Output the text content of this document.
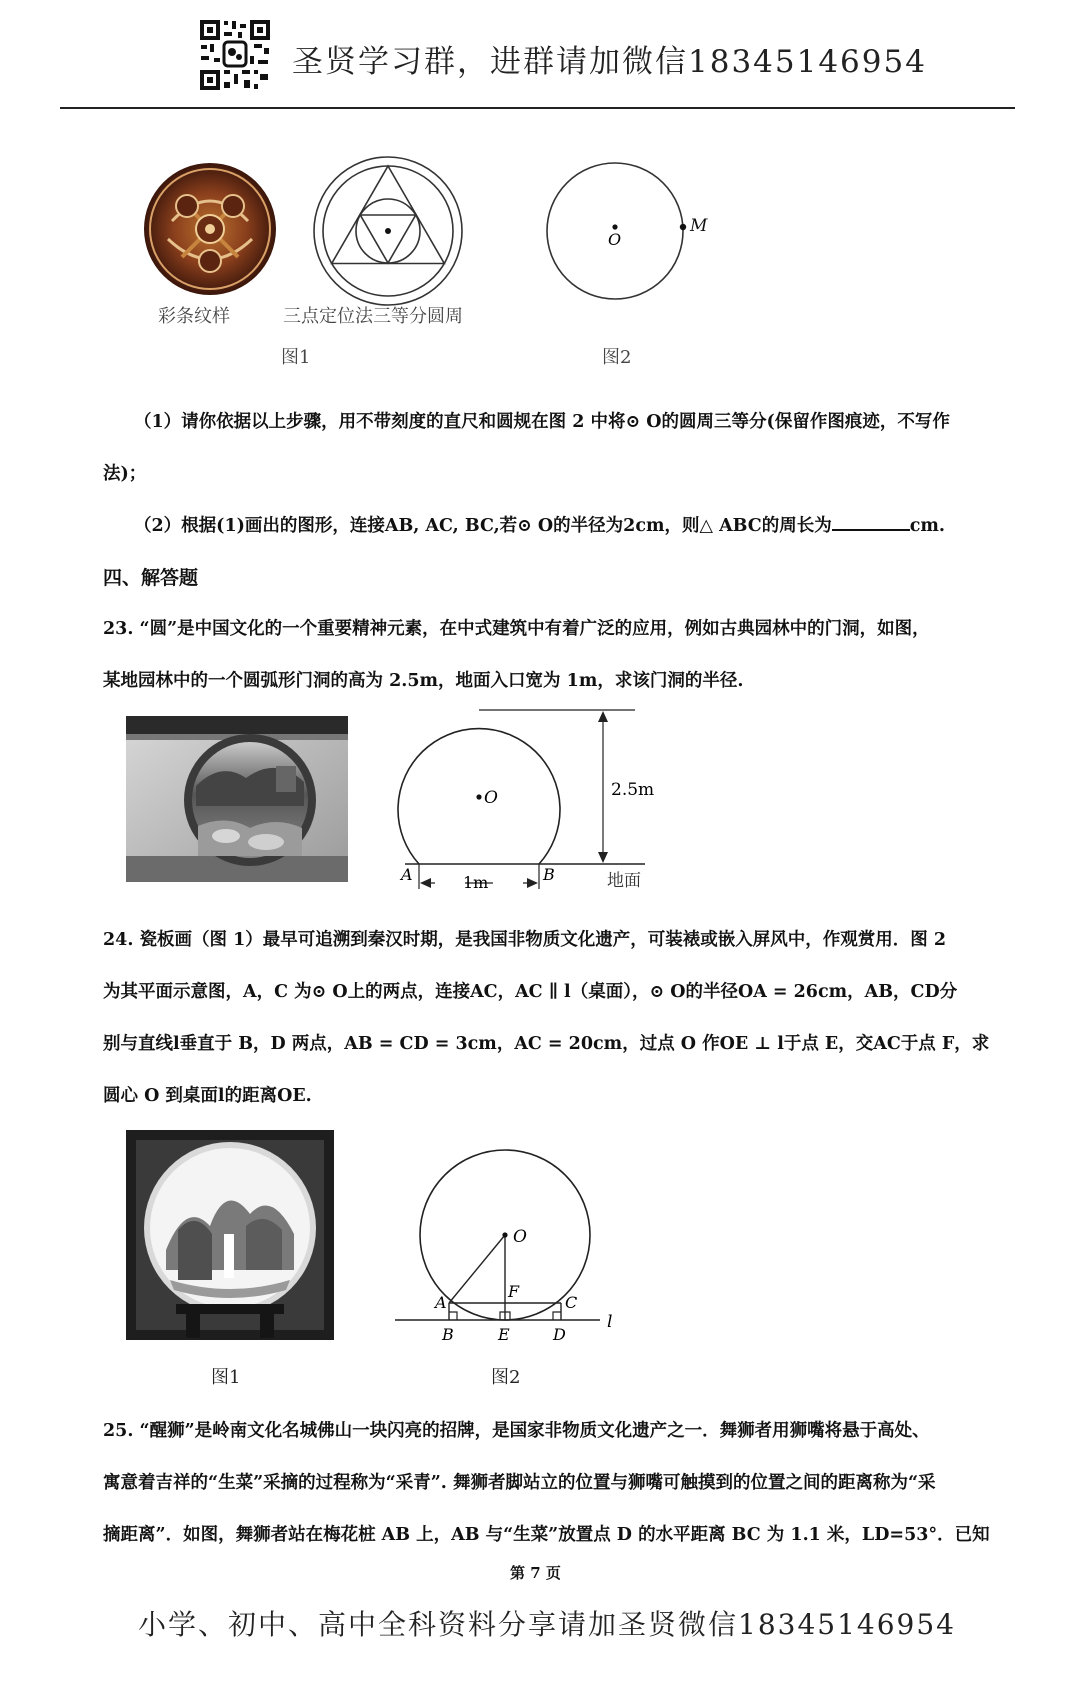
圣贤学习群，进群请加微信18345146954
彩条纹样	三点定位法三等分圆周
图1
O
M
图2
（1）请你依据以上步骤，用不带刻度的直尺和圆规在图 2 中将⊙ O的圆周三等分(保留作图痕迹，不写作
法)；
（2）根据(1)画出的图形，连接AB, AC, BC,若⊙ O的半径为2cm，则△ ABC的周长为	cm.
四、解答题
23. “圆”是中国文化的一个重要精神元素，在中式建筑中有着广泛的应用，例如古典园林中的门洞，如图，
某地园林中的一个圆弧形门洞的高为 2.5m，地面入口宽为 1m，求该门洞的半径.
O	2.5m
1m
A	B	地面
24. 瓷板画（图 1）最早可追溯到秦汉时期，是我国非物质文化遗产，可装裱或嵌入屏风中，作观赏用．图 2
为其平面示意图，A，C 为⊙ O上的两点，连接AC，AC ∥ l（桌面），⊙ O的半径OA = 26cm，AB，CD分
别与直线l垂直于 B，D 两点，AB = CD = 3cm，AC = 20cm，过点 O 作OE ⊥ l于点 E，交AC于点 F，求
圆心 O 到桌面l的距离OE.
O
F
A	C
B	E	D
l
图1	图2
25. “醒狮”是岭南文化名城佛山一块闪亮的招牌，是国家非物质文化遗产之一．舞狮者用狮嘴将悬于高处、
寓意着吉祥的“生菜”采摘的过程称为“采青”. 舞狮者脚站立的位置与狮嘴可触摸到的位置之间的距离称为“采
摘距离”．如图，舞狮者站在梅花桩 AB 上，AB 与“生菜”放置点 D 的水平距离 BC 为 1.1 米，LD=53°．已知
第 7 页
小学、初中、高中全科资料分享请加圣贤微信18345146954
